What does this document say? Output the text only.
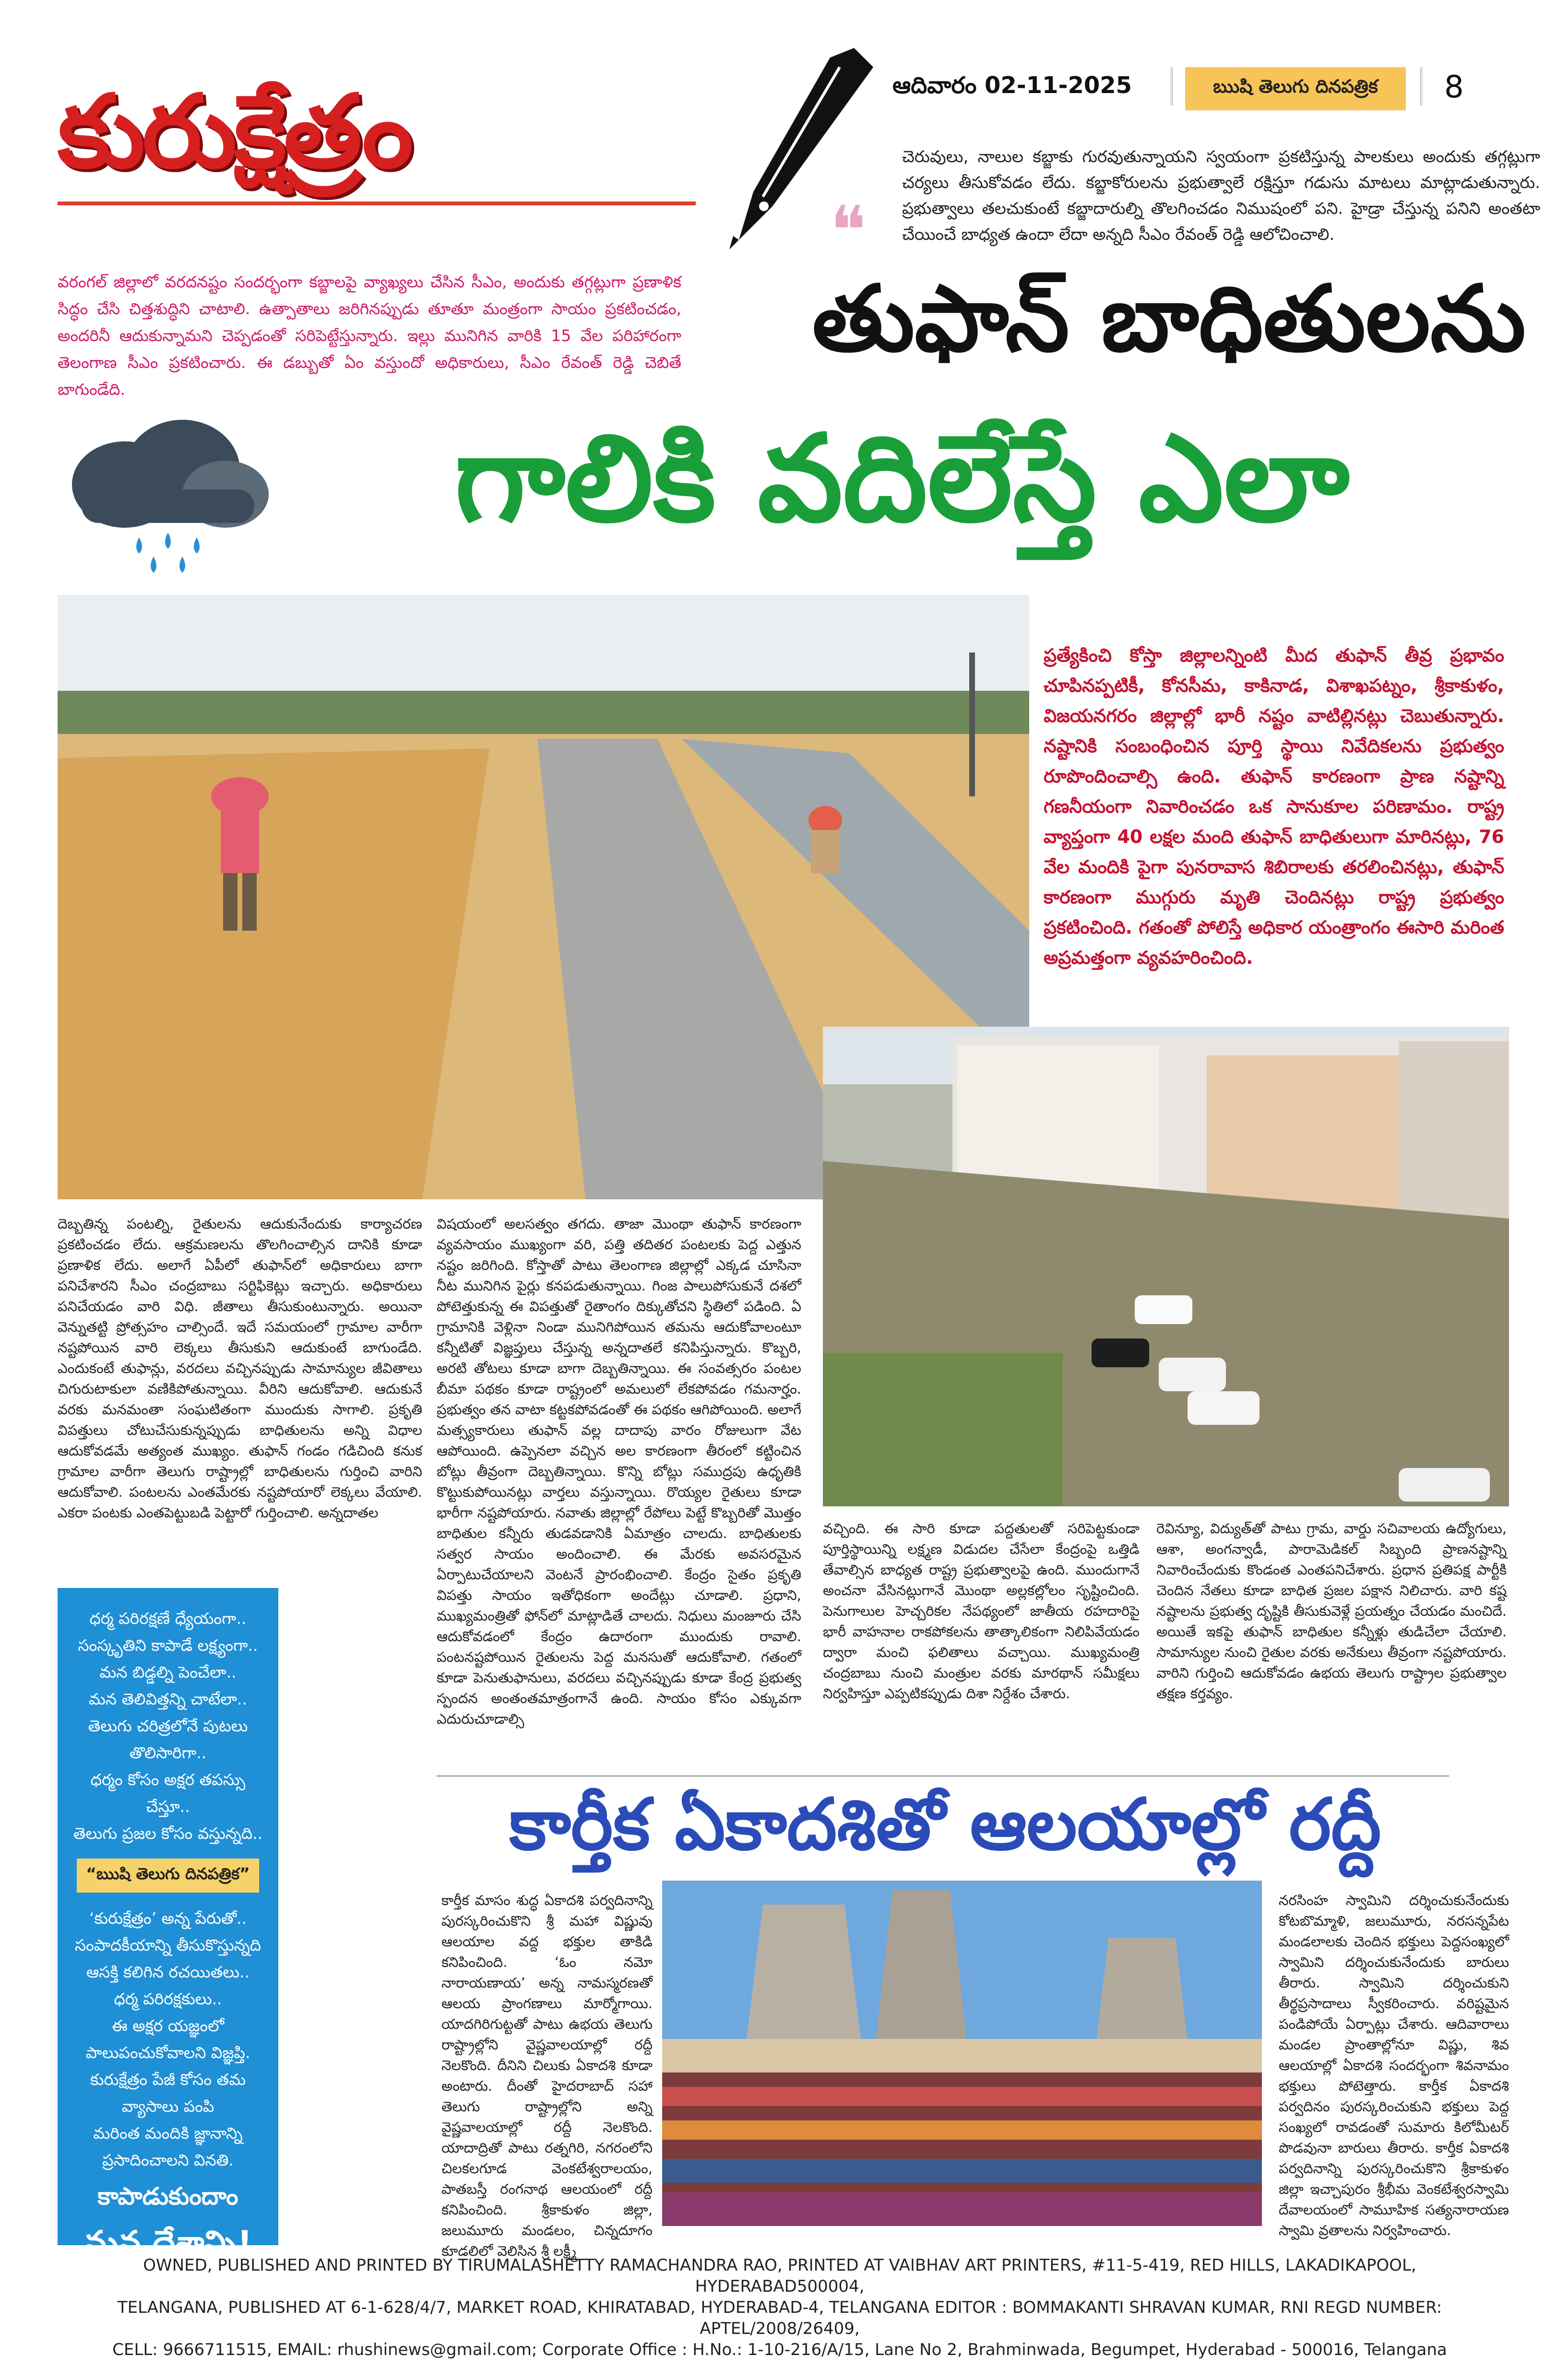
కురుక్షేత్రం	ఆదివారం 02-11-2025	ఋషి తెలుగు దినపత్రిక	8
❝
చెరువులు, నాలుల కబ్జాకు గురవుతున్నాయని స్వయంగా ప్రకటిస్తున్న పాలకులు అందుకు తగ్గట్లుగా చర్యలు తీసుకోవడం లేదు. కబ్జాకోరులను ప్రభుత్వాలే రక్షిస్తూ గడుసు మాటలు మాట్లాడుతున్నారు. ప్రభుత్వాలు తలచుకుంటే కబ్జాదారుల్ని తొలగించడం నిముషంలో పని. హైడ్రా చేస్తున్న పనిని అంతటా చేయించే బాధ్యత ఉందా లేదా అన్నది సీఎం రేవంత్ రెడ్డి ఆలోచించాలి.
వరంగల్ జిల్లాలో వరదనష్టం సందర్భంగా కబ్జాలపై వ్యాఖ్యలు చేసిన సీఎం, అందుకు తగ్గట్లుగా ప్రణాళిక సిద్ధం చేసి చిత్తశుద్ధిని చాటాలి. ఉత్పాతాలు జరిగినప్పుడు తూతూ మంత్రంగా సాయం ప్రకటించడం, అందరినీ ఆదుకున్నామని చెప్పడంతో సరిపెట్టేస్తున్నారు. ఇల్లు మునిగిన వారికి 15 వేల పరిహారంగా తెలంగాణ సీఎం ప్రకటించారు. ఈ డబ్బుతో ఏం వస్తుందో అధికారులు, సీఎం రేవంత్ రెడ్డి చెబితే బాగుండేది.
తుఫాన్ బాధితులను
గాలికి వదిలేస్తే ఎలా
ప్రత్యేకించి కోస్తా జిల్లాలన్నింటి మీద తుఫాన్ తీవ్ర ప్రభావం చూపినప్పటికీ, కోనసీమ, కాకినాడ, విశాఖపట్నం, శ్రీకాకుళం, విజయనగరం జిల్లాల్లో భారీ నష్టం వాటిల్లినట్లు చెబుతున్నారు. నష్టానికి సంబంధించిన పూర్తి స్థాయి నివేదికలను ప్రభుత్వం రూపొందించాల్సి ఉంది. తుఫాన్ కారణంగా ప్రాణ నష్టాన్ని గణనీయంగా నివారించడం ఒక సానుకూల పరిణామం. రాష్ట్ర వ్యాప్తంగా 40 లక్షల మంది తుఫాన్ బాధితులుగా మారినట్లు, 76 వేల మందికి పైగా పునరావాస శిబిరాలకు తరలించినట్లు, తుఫాన్ కారణంగా ముగ్గురు మృతి చెందినట్లు రాష్ట్ర ప్రభుత్వం ప్రకటించింది. గతంతో పోలిస్తే అధికార యంత్రాంగం ఈసారి మరింత అప్రమత్తంగా వ్యవహరించింది.
దెబ్బతిన్న పంటల్ని, రైతులను ఆదుకునేందుకు కార్యాచరణ ప్రకటించడం లేదు. ఆక్రమణలను తొలగించాల్సిన దానికి కూడా ప్రణాళిక లేదు. అలాగే ఏపీలో తుఫాన్‌లో అధికారులు బాగా పనిచేశారని సీఎం చంద్రబాబు సర్టిఫికెట్లు ఇచ్చారు. అధికారులు పనిచేయడం వారి విధి. జీతాలు తీసుకుంటున్నారు. అయినా వెన్నుతట్టి ప్రోత్సహం చాల్సిందే. ఇదే సమయంలో గ్రామాల వారీగా నష్టపోయిన వారి లెక్కలు తీసుకుని ఆదుకుంటే బాగుండేది. ఎందుకంటే తుఫాన్లు, వరదలు వచ్చినప్పుడు సామాన్యుల జీవితాలు చిగురుటాకులా వణికిపోతున్నాయి. వీరిని ఆదుకోవాలి. ఆదుకునే వరకు మనమంతా సంఘటితంగా ముందుకు సాగాలి. ప్రకృతి విపత్తులు చోటుచేసుకున్నప్పుడు బాధితులను అన్ని విధాల ఆదుకోవడమే అత్యంత ముఖ్యం. తుఫాన్ గండం గడిచింది కనుక గ్రామాల వారీగా తెలుగు రాష్ట్రాల్లో బాధితులను గుర్తించి వారిని ఆదుకోవాలి. పంటలను ఎంతమేరకు నష్టపోయారో లెక్కలు వేయాలి. ఎకరా పంటకు ఎంతపెట్టుబడి పెట్టారో గుర్తించాలి. అన్నదాతల
విషయంలో అలసత్వం తగదు. తాజా మొంథా తుఫాన్ కారణంగా వ్యవసాయం ముఖ్యంగా వరి, పత్తి తదితర పంటలకు పెద్ద ఎత్తున నష్టం జరిగింది. కోస్తాతో పాటు తెలంగాణ జిల్లాల్లో ఎక్కడ చూసినా నీట మునిగిన పైర్లు కనపడుతున్నాయి. గింజ పాలుపోసుకునే దశలో పోటెత్తుకున్న ఈ విపత్తుతో రైతాంగం దిక్కుతోచని స్థితిలో పడింది. ఏ గ్రామానికి వెళ్లినా నిండా మునిగిపోయిన తమను ఆదుకోవాలంటూ కన్నీటితో విజ్ఞప్తులు చేస్తున్న అన్నదాతలే కనిపిస్తున్నారు. కొబ్బరి, అరటి తోటలు కూడా బాగా దెబ్బతిన్నాయి. ఈ సంవత్సరం పంటల బీమా పథకం కూడా రాష్ట్రంలో అమలులో లేకపోవడం గమనార్హం. ప్రభుత్వం తన వాటా కట్టకపోవడంతో ఈ పథకం ఆగిపోయింది. అలాగే మత్స్యకారులు తుఫాన్ వల్ల దాదాపు వారం రోజులుగా వేట ఆపోయింది. ఉప్పెనలా వచ్చిన అల కారణంగా తీరంలో కట్టించిన బోట్లు తీవ్రంగా దెబ్బతిన్నాయి. కొన్ని బోట్లు సముద్రపు ఉధృతికి కొట్టుకుపోయినట్లు వార్తలు వస్తున్నాయి. రొయ్యల రైతులు కూడా భారీగా నష్టపోయారు. నవాతు జిల్లాల్లో రేపోలు పెట్టే కొబ్బరితో మొత్తం బాధితుల కన్నీరు తుడవడానికి ఏమాత్రం చాలదు. బాధితులకు సత్వర సాయం అందించాలి. ఈ మేరకు అవసరమైన ఏర్పాటుచేయాలని వెంటనే ప్రారంభించాలి. కేంద్రం సైతం ప్రకృతి విపత్తు సాయం ఇతోధికంగా అందేట్లు చూడాలి. ప్రధాని, ముఖ్యమంత్రితో ఫోన్‌లో మాట్లాడితే చాలదు. నిధులు మంజూరు చేసి ఆదుకోవడంలో కేంద్రం ఉదారంగా ముందుకు రావాలి. పంటనష్టపోయిన రైతులను పెద్ద మనసుతో ఆదుకోవాలి. గతంలో కూడా పెనుతుఫానులు, వరదలు వచ్చినప్పుడు కూడా కేంద్ర ప్రభుత్వ స్పందన అంతంతమాత్రంగానే ఉంది. సాయం కోసం ఎక్కువగా ఎదురుచూడాల్సి
వచ్చింది. ఈ సారి కూడా పద్దతులతో సరిపెట్టకుండా పూర్తిస్థాయిన్ని లక్ష్మణ విడుదల చేసేలా కేంద్రంపై ఒత్తిడి తేవాల్సిన బాధ్యత రాష్ట్ర ప్రభుత్వాలపై ఉంది. ముందుగానే అంచనా వేసినట్లుగానే మొంథా అల్లకల్లోలం సృష్టించింది. పెనుగాలుల హెచ్చరికల నేపథ్యంలో జాతీయ రహదారిపై భారీ వాహనాల రాకపోకలను తాత్కాలికంగా నిలిపివేయడం ద్వారా మంచి ఫలితాలు వచ్చాయి. ముఖ్యమంత్రి చంద్రబాబు నుంచి మంత్రుల వరకు మారథాన్ సమీక్షలు నిర్వహిస్తూ ఎప్పటికప్పుడు దిశా నిర్దేశం చేశారు.
రెవిన్యూ, విద్యుత్‌తో పాటు గ్రామ, వార్డు సచివాలయ ఉద్యోగులు, ఆశా, అంగన్వాడీ, పారామెడికల్ సిబ్బంది ప్రాణనష్టాన్ని నివారించేందుకు కొండంత ఎంతపనిచేశారు. ప్రధాన ప్రతిపక్ష పార్టీకి చెందిన నేతలు కూడా బాధిత ప్రజల పక్షాన నిలిచారు. వారి కష్ట నష్టాలను ప్రభుత్వ దృష్టికి తీసుకువెళ్లే ప్రయత్నం చేయడం మంచిదే. అయితే ఇకపై తుఫాన్ బాధితుల కన్నీళ్లు తుడిచేలా చేయాలి. సామాన్యుల నుంచి రైతుల వరకు అనేకులు తీవ్రంగా నష్టపోయారు. వారిని గుర్తించి ఆదుకోవడం ఉభయ తెలుగు రాష్ట్రాల ప్రభుత్వాల తక్షణ కర్తవ్యం.
ధర్మ పరిరక్షణే ధ్యేయంగా..
సంస్కృతిని కాపాడే లక్ష్యంగా..
మన బిడ్డల్ని పెంచేలా..
మన తెలివిత్తన్ని చాటేలా..
తెలుగు చరిత్రలోనే పుటలు తొలిసారిగా..
ధర్మం కోసం అక్షర తపస్సు చేస్తూ..
తెలుగు ప్రజల కోసం వస్తున్నది..
“ఋషి తెలుగు దినపత్రిక”
‘కురుక్షేత్రం’ అన్న పేరుతో..
సంపాదకీయాన్ని తీసుకొస్తున్నది
ఆసక్తి కలిగిన రచయితలు..
ధర్మ పరిరక్షకులు..
ఈ అక్షర యజ్ఞంలో
పాలుపంచుకోవాలని విజ్ఞప్తి.
కురుక్షేత్రం పేజీ కోసం తమ
వ్యాసాలు పంపి
మరింత మందికి జ్ఞానాన్ని
ప్రసాదించాలని వినతి.
కాపాడుకుందాం
మన దేశాన్ని!
మన ధర్మాన్ని!!
కార్తీక ఏకాదశితో ఆలయాల్లో రద్దీ
కార్తీక మాసం శుద్ధ ఏకాదశి పర్వదినాన్ని పురస్కరించుకొని శ్రీ మహా విష్ణువు ఆలయాల వద్ద భక్తుల తాకిడి కనిపించింది. ‘ఓం నమో నారాయణాయ’ అన్న నామస్మరణతో ఆలయ ప్రాంగణాలు మార్మోగాయి. యాదగిరిగుట్టతో పాటు ఉభయ తెలుగు రాష్ట్రాల్లోని వైష్ణవాలయాల్లో రద్దీ నెలకొంది. దీనిని చిలుకు ఏకాదశి కూడా అంటారు. దీంతో హైదరాబాద్ సహా తెలుగు రాష్ట్రాల్లోని అన్ని వైష్ణవాలయాల్లో రద్దీ నెలకొంది. యాదాద్రితో పాటు రత్నగిరి, నగరంలోని చిలకలగూడ వెంకటేశ్వరాలయం, పాతబస్తీ రంగనాథ ఆలయంలో రద్దీ కనిపించింది. శ్రీకాకుళం జిల్లా, జలుమూరు మండలం, చిన్నదూగం కూడలిలో వెలిసిన శ్రీ లక్ష్మీ
నరసింహ స్వామిని దర్శించుకునేందుకు కోటబొమ్మాళి, జలుమూరు, నరసన్నపేట మండలాలకు చెందిన భక్తులు పెద్దసంఖ్యలో స్వామిని దర్శించుకునేందుకు బారులు తీరారు. స్వామిని దర్శించుకుని తీర్థప్రసాదాలు స్వీకరించారు. వరిష్టమైన పండిపోయే ఏర్పాట్లు చేశారు. ఆదివారాలు మండల ప్రాంతాల్లోనూ విష్ణు, శివ ఆలయాల్లో ఏకాదశి సందర్భంగా శివనామం భక్తులు పోటెత్తారు. కార్తీక ఏకాదశి పర్వదినం పురస్కరించుకుని భక్తులు పెద్ద సంఖ్యలో రావడంతో సుమారు కిలోమీటర్ పొడవునా బారులు తీరారు. కార్తీక ఏకాదశి పర్వదినాన్ని పురస్కరించుకొని శ్రీకాకుళం జిల్లా ఇచ్చాపురం శ్రీభీమ వెంకటేశ్వరస్వామి దేవాలయంలో సామూహిక సత్యనారాయణ స్వామి వ్రతాలను నిర్వహించారు.
OWNED, PUBLISHED AND PRINTED BY TIRUMALASHETTY RAMACHANDRA RAO, PRINTED AT VAIBHAV ART PRINTERS, #11-5-419, RED HILLS, LAKADIKAPOOL, HYDERABAD500004,
TELANGANA, PUBLISHED AT 6-1-628/4/7, MARKET ROAD, KHIRATABAD, HYDERABAD-4, TELANGANA EDITOR : BOMMAKANTI SHRAVAN KUMAR, RNI REGD NUMBER: APTEL/2008/26409,
CELL: 9666711515, EMAIL: rhushinews@gmail.com; Corporate Office : H.No.: 1-10-216/A/15, Lane No 2, Brahminwada, Begumpet, Hyderabad - 500016, Telangana
